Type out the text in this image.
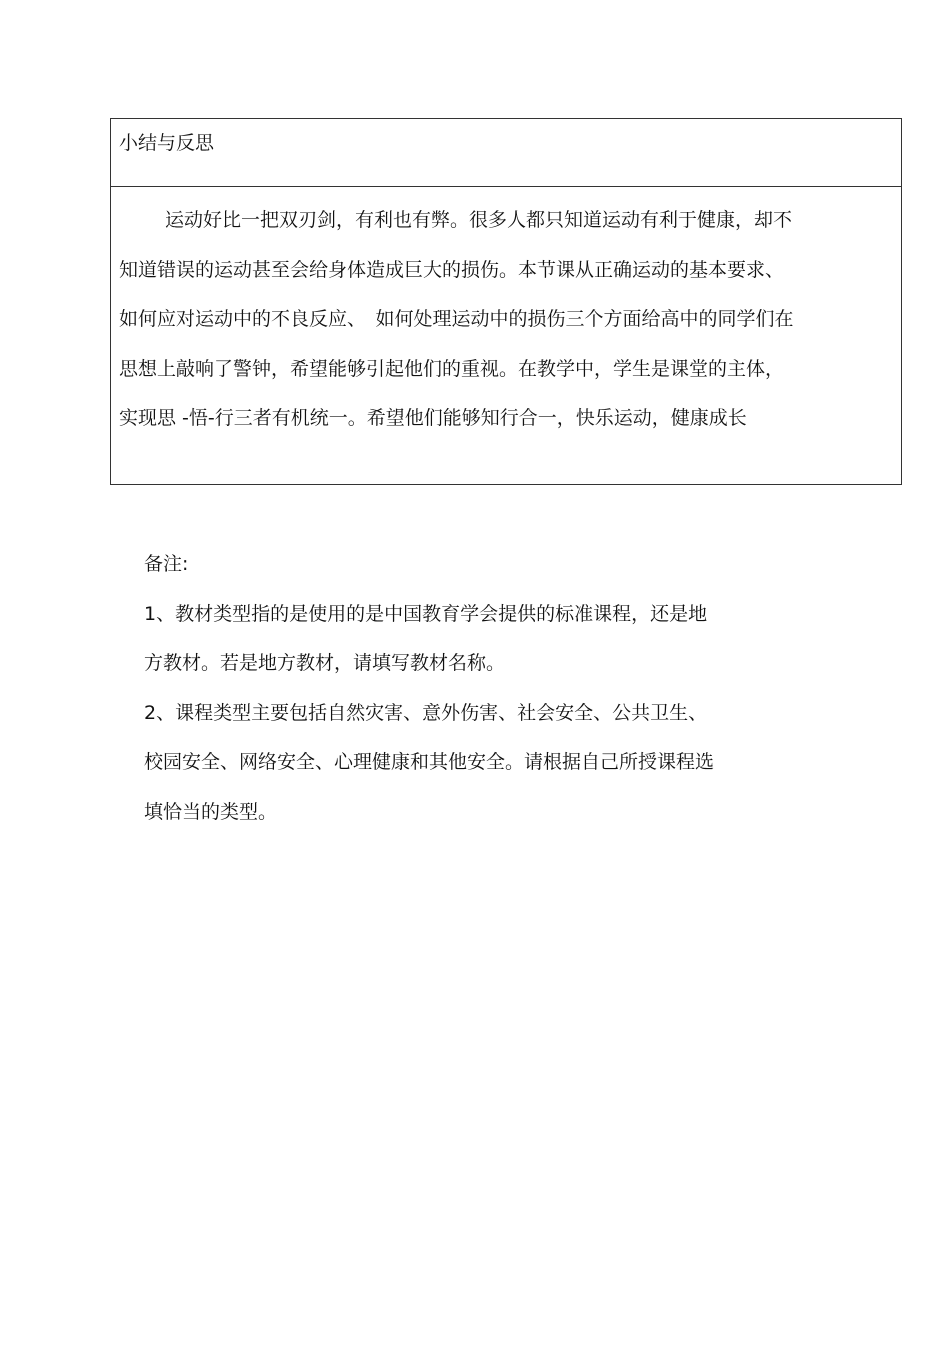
小结与反思
运动好比一把双刃剑，有利也有弊。很多人都只知道运动有利于健康，却不
知道错误的运动甚至会给身体造成巨大的损伤。本节课从正确运动的基本要求、
如何应对运动中的不良反应、　如何处理运动中的损伤三个方面给高中的同学们在
思想上敲响了警钟，希望能够引起他们的重视。在教学中，学生是课堂的主体，
实现思 -悟-行三者有机统一。希望他们能够知行合一，快乐运动，健康成长
备注:
1、教材类型指的是使用的是中国教育学会提供的标准课程，还是地
方教材。若是地方教材，请填写教材名称。
2、课程类型主要包括自然灾害、意外伤害、社会安全、公共卫生、
校园安全、网络安全、心理健康和其他安全。请根据自己所授课程选
填恰当的类型。
